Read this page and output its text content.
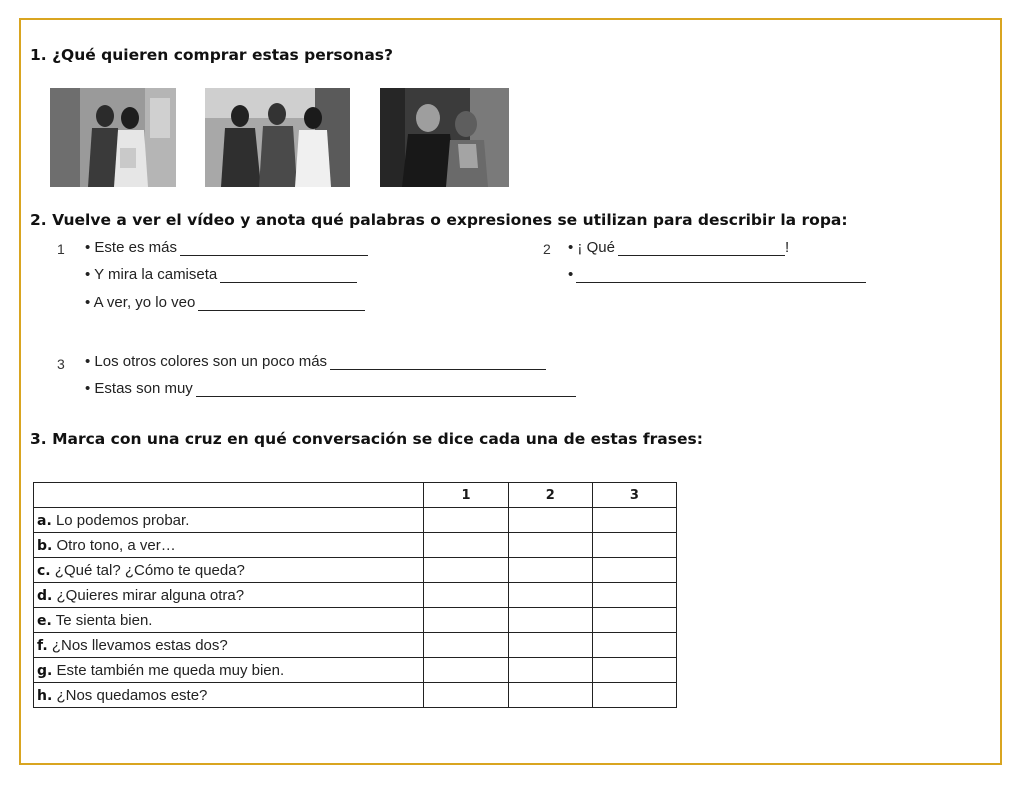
1. ¿Qué quieren comprar estas personas?
2. Vuelve a ver el vídeo y anota qué palabras o expresiones se utilizan para describir la ropa:
1 • Este es más
• Y mira la camiseta
• A ver, yo lo veo
2 • ¡ Qué	!
•
3 • Los otros colores son un poco más
• Estas son muy
3. Marca con una cruz en qué conversación se dice cada una de estas frases:
	1	2	3
a. Lo podemos probar.			
b. Otro tono, a ver…			
c. ¿Qué tal? ¿Cómo te queda?			
d. ¿Quieres mirar alguna otra?			
e. Te sienta bien.			
f. ¿Nos llevamos estas dos?			
g. Este también me queda muy bien.			
h. ¿Nos quedamos este?			
